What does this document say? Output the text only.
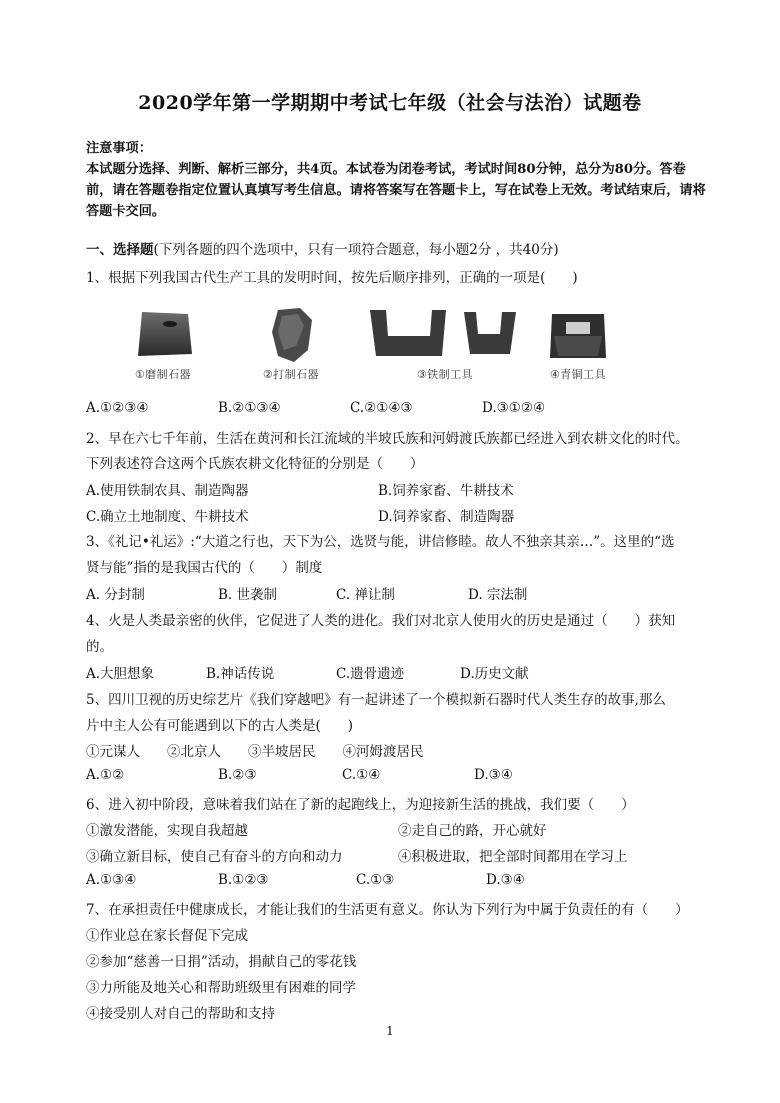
2020学年第一学期期中考试七年级（社会与法治）试题卷
注意事项：
本试题分选择、判断、解析三部分，共4页。本试卷为闭卷考试，考试时间80分钟，总分为80分。答卷前，请在答题卷指定位置认真填写考生信息。请将答案写在答题卡上，写在试卷上无效。考试结束后，请将答题卡交回。
一、选择题(下列各题的四个选项中，只有一项符合题意，每小题2分 ，共40分)
1、根据下列我国古代生产工具的发明时间，按先后顺序排列，正确的一项是(　　)
①磨制石器	②打制石器	③铁制工具	④青铜工具
A.①②③④	B.②①③④	C.②①④③	D.③①②④
2、早在六七千年前，生活在黄河和长江流域的半坡氏族和河姆渡氏族都已经进入到农耕文化的时代。
下列表述符合这两个氏族农耕文化特征的分别是（　　）
A.使用铁制农具、制造陶器	B.饲养家畜、牛耕技术
C.确立土地制度、牛耕技术	D.饲养家畜、制造陶器
3、《礼记•礼运》:“大道之行也，天下为公，选贤与能，讲信修睦。故人不独亲其亲…”。这里的“选
贤与能”指的是我国古代的（　　）制度
A. 分封制	B. 世袭制	C. 禅让制	D. 宗法制
4、火是人类最亲密的伙伴，它促进了人类的进化。我们对北京人使用火的历史是通过（　　）获知
的。
A.大胆想象	B.神话传说	C.遗骨遗迹	D.历史文献
5、四川卫视的历史综艺片《我们穿越吧》有一起讲述了一个模拟新石器时代人类生存的故事,那么
片中主人公有可能遇到以下的古人类是(　　)
①元谋人　　②北京人　　③半坡居民　　④河姆渡居民
A.①②	B.②③	C.①④	D.③④
6、进入初中阶段，意味着我们站在了新的起跑线上，为迎接新生活的挑战，我们要（　　）
①激发潜能，实现自我超越	②走自己的路，开心就好
③确立新目标，使自己有奋斗的方向和动力	④积极进取，把全部时间都用在学习上
A.①③④	B.①②③	C.①③	D.③④
7、在承担责任中健康成长，才能让我们的生活更有意义。你认为下列行为中属于负责任的有（　　）
①作业总在家长督促下完成
②参加“慈善一日捐”活动，捐献自己的零花钱
③力所能及地关心和帮助班级里有困难的同学
④接受别人对自己的帮助和支持
1
